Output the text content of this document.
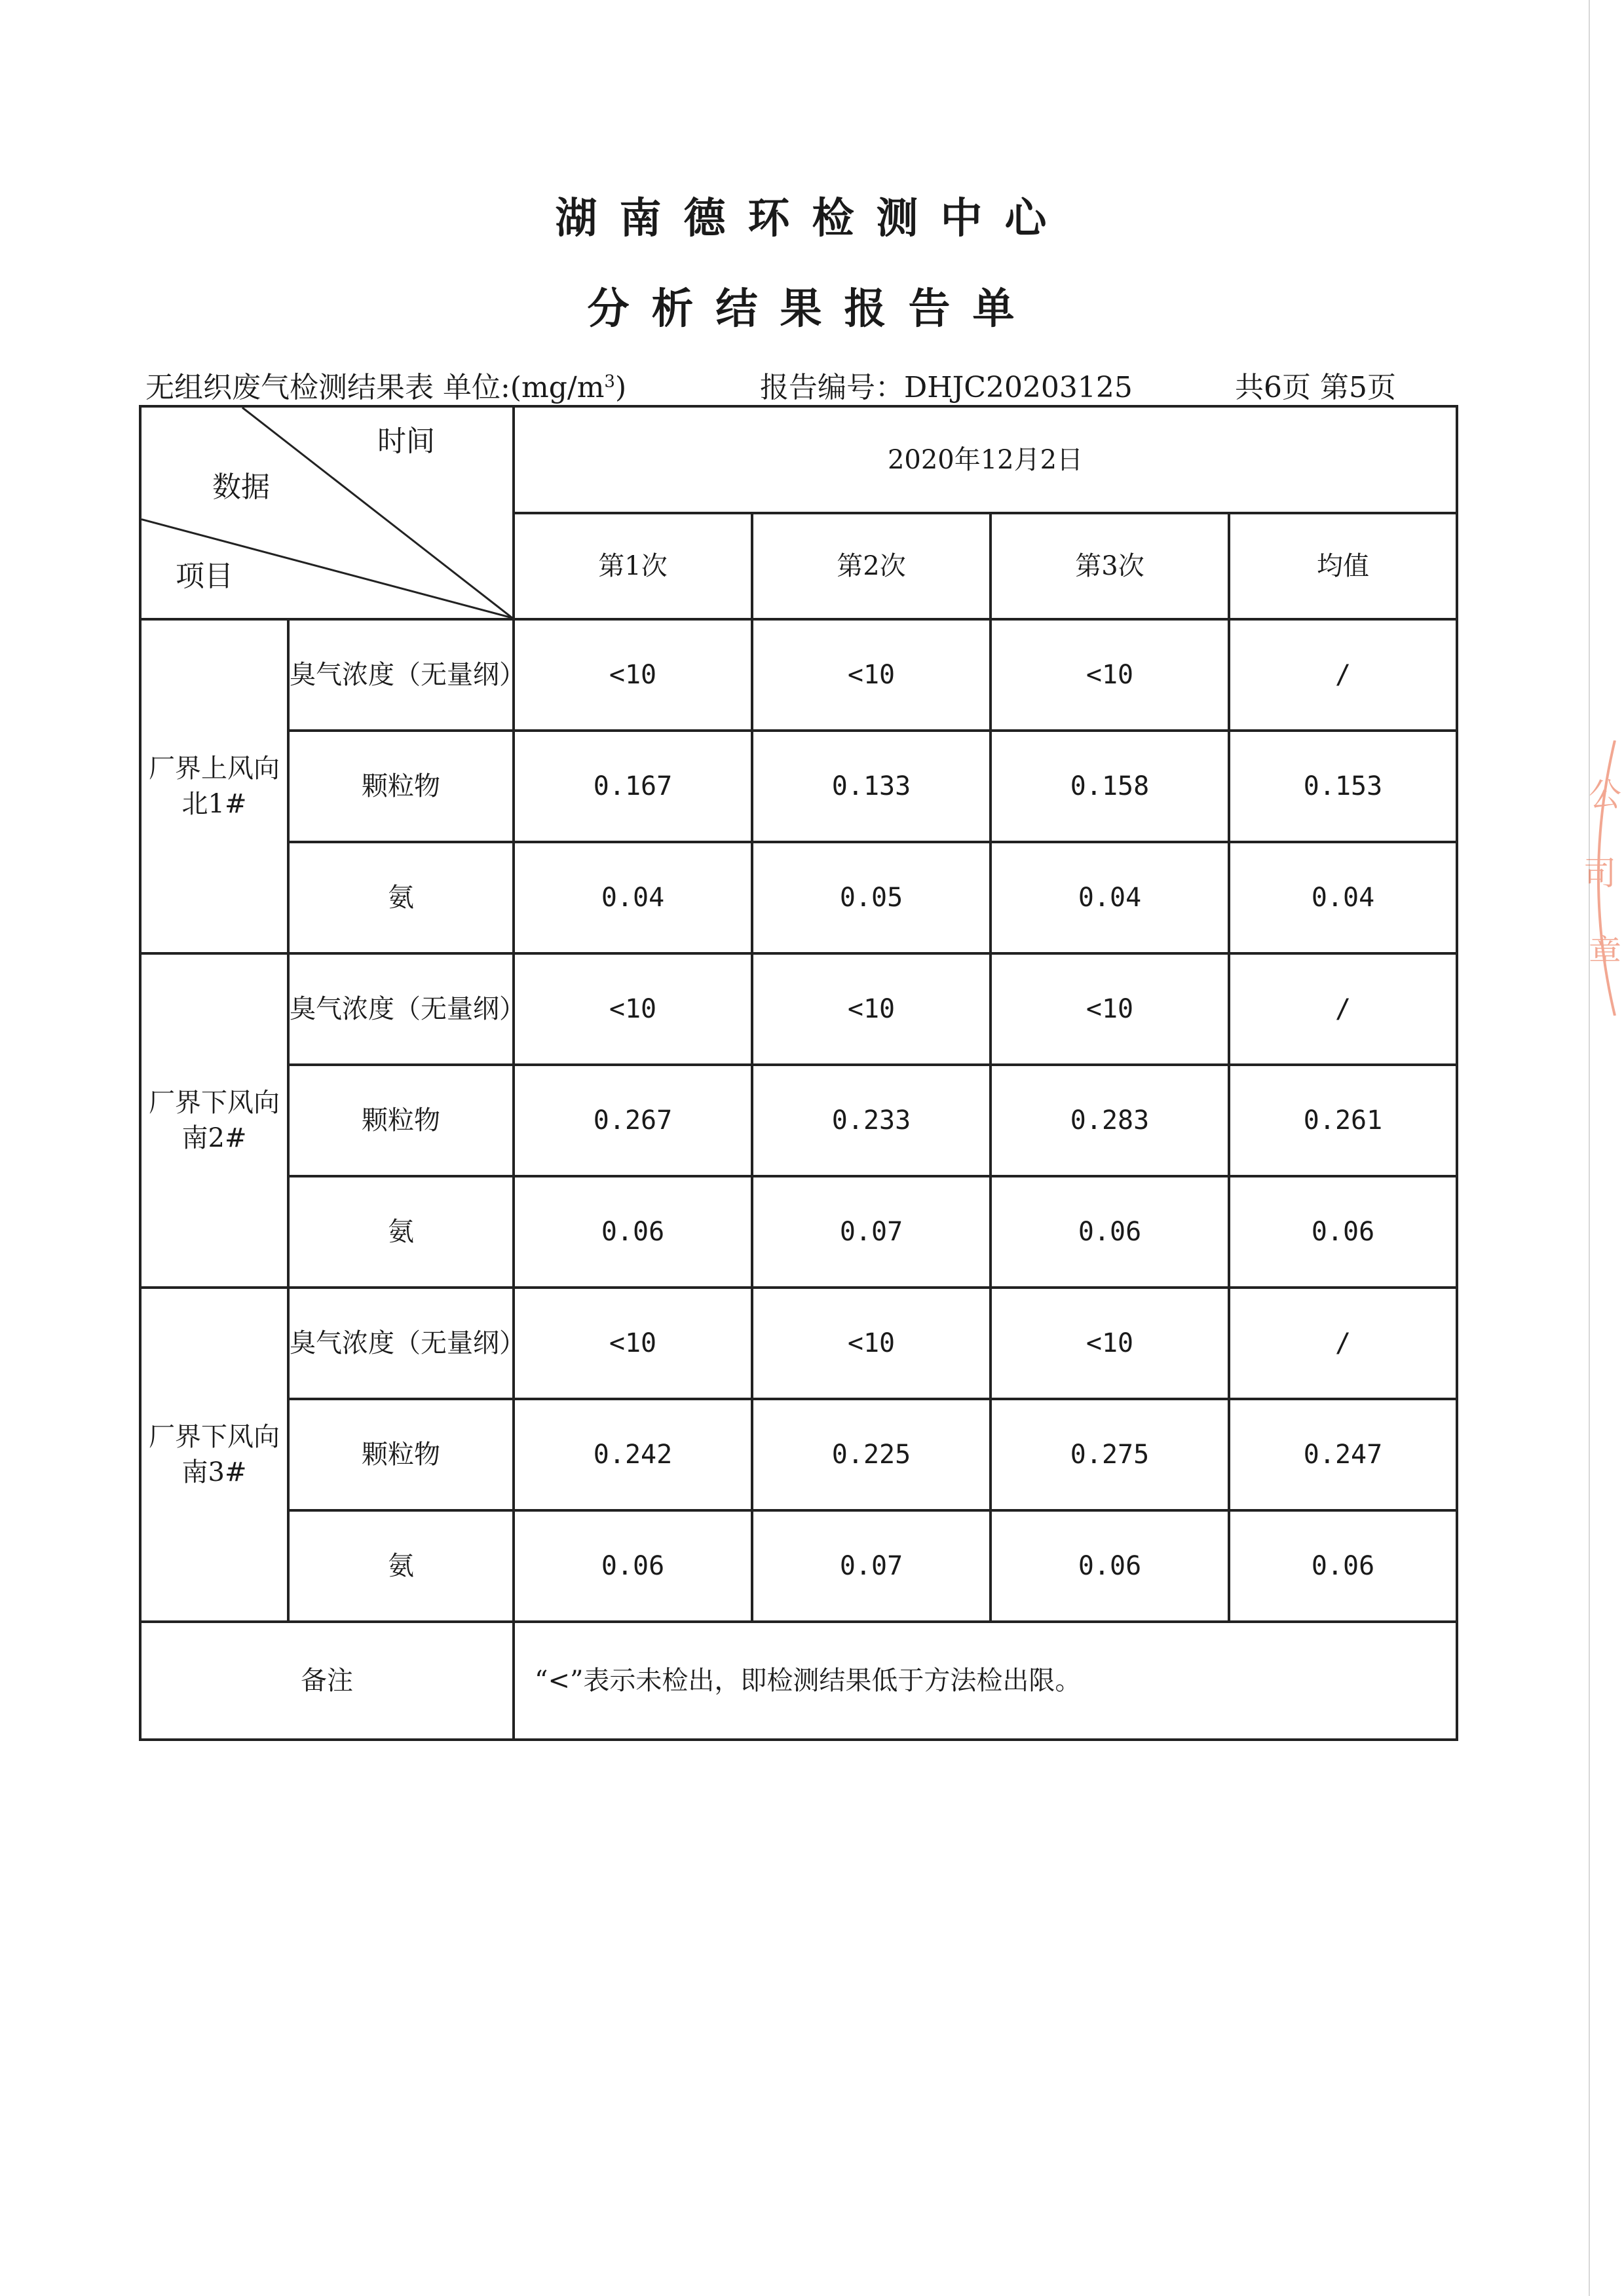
湖南德环检测中心
分析结果报告单
无组织废气检测结果表 单位$:(mg/m^3)$	报告编号：DHJC20203125	共6页 第5页
时间
数据
项目		2020年12月2日			
		第1次	第2次	第3次	均值
厂界上风向北1#	臭气浓度（无量纲）	<10	<10	<10	/
	颗粒物	0.167	0.133	0.158	0.153
	氨	0.04	0.05	0.04	0.04
厂界下风向南2#	臭气浓度（无量纲）	<10	<10	<10	/
	颗粒物	0.267	0.233	0.283	0.261
	氨	0.06	0.07	0.06	0.06
厂界下风向南3#	臭气浓度（无量纲）	<10	<10	<10	/
	颗粒物	0.242	0.225	0.275	0.247
	氨	0.06	0.07	0.06	0.06
备注		“<”表示未检出，即检测结果低于方法检出限。			
公
司
章
